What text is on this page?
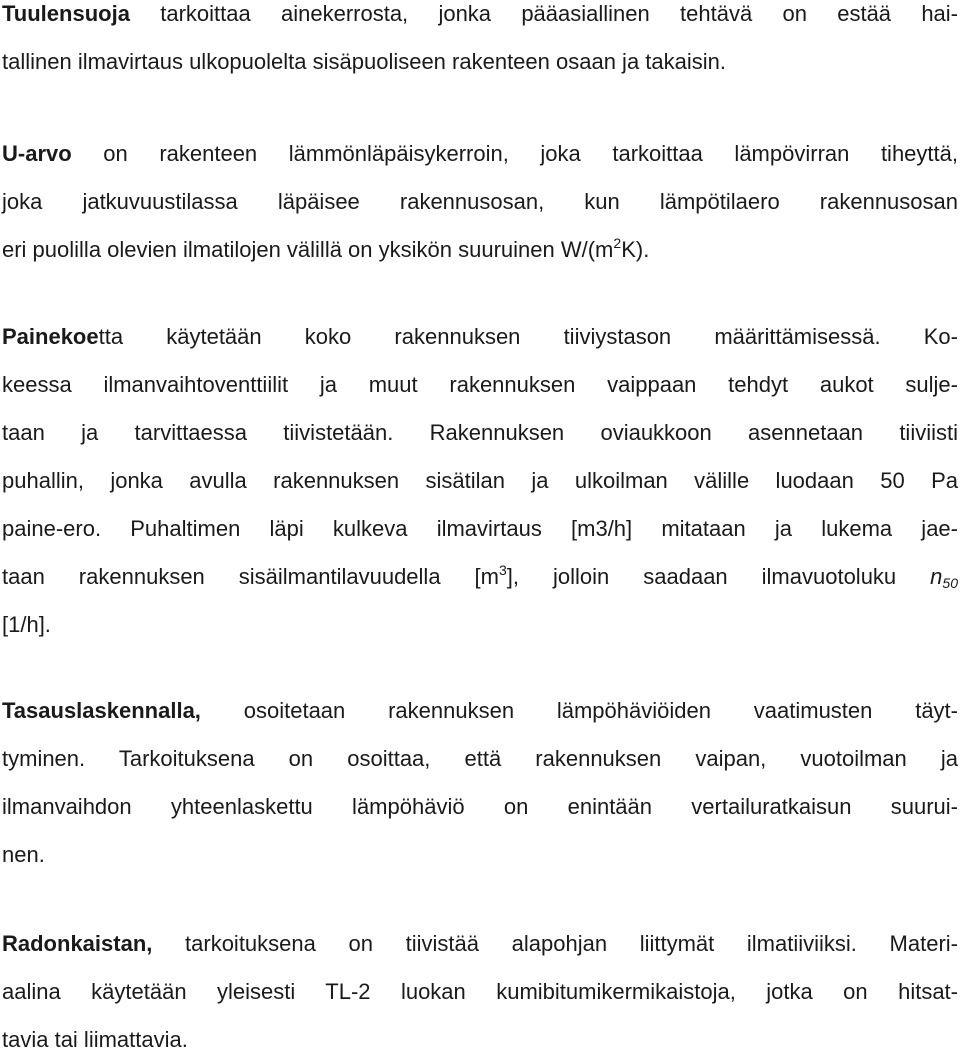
Tuulensuoja tarkoittaa ainekerrosta, jonka pääasiallinen tehtävä on estää hai-
tallinen ilmavirtaus ulkopuolelta sisäpuoliseen rakenteen osaan ja takaisin.
U-arvo on rakenteen lämmönläpäisykerroin, joka tarkoittaa lämpövirran tiheyttä,
joka jatkuvuustilassa läpäisee rakennusosan, kun lämpötilaero rakennusosan
eri puolilla olevien ilmatilojen välillä on yksikön suuruinen $W/(m^2K)$.
Painekoetta käytetään koko rakennuksen tiiviystason määrittämisessä. Ko-
keessa ilmanvaihtoventtiilit ja muut rakennuksen vaippaan tehdyt aukot sulje-
taan ja tarvittaessa tiivistetään. Rakennuksen oviaukkoon asennetaan tiiviisti
puhallin, jonka avulla rakennuksen sisätilan ja ulkoilman välille luodaan 50 Pa
paine-ero. Puhaltimen läpi kulkeva ilmavirtaus [m3/h] mitataan ja lukema jae-
taan rakennuksen sisäilmantilavuudella $[m^3]$, jolloin saadaan ilmavuotoluku $n_{50}$
[1/h].
Tasauslaskennalla, osoitetaan rakennuksen lämpöhäviöiden vaatimusten täyt-
tyminen. Tarkoituksena on osoittaa, että rakennuksen vaipan, vuotoilman ja
ilmanvaihdon yhteenlaskettu lämpöhäviö on enintään vertailuratkaisun suurui-
nen.
Radonkaistan, tarkoituksena on tiivistää alapohjan liittymät ilmatiiviiksi. Materi-
aalina käytetään yleisesti TL-2 luokan kumibitumikermikaistoja, jotka on hitsat-
tavia tai liimattavia.
